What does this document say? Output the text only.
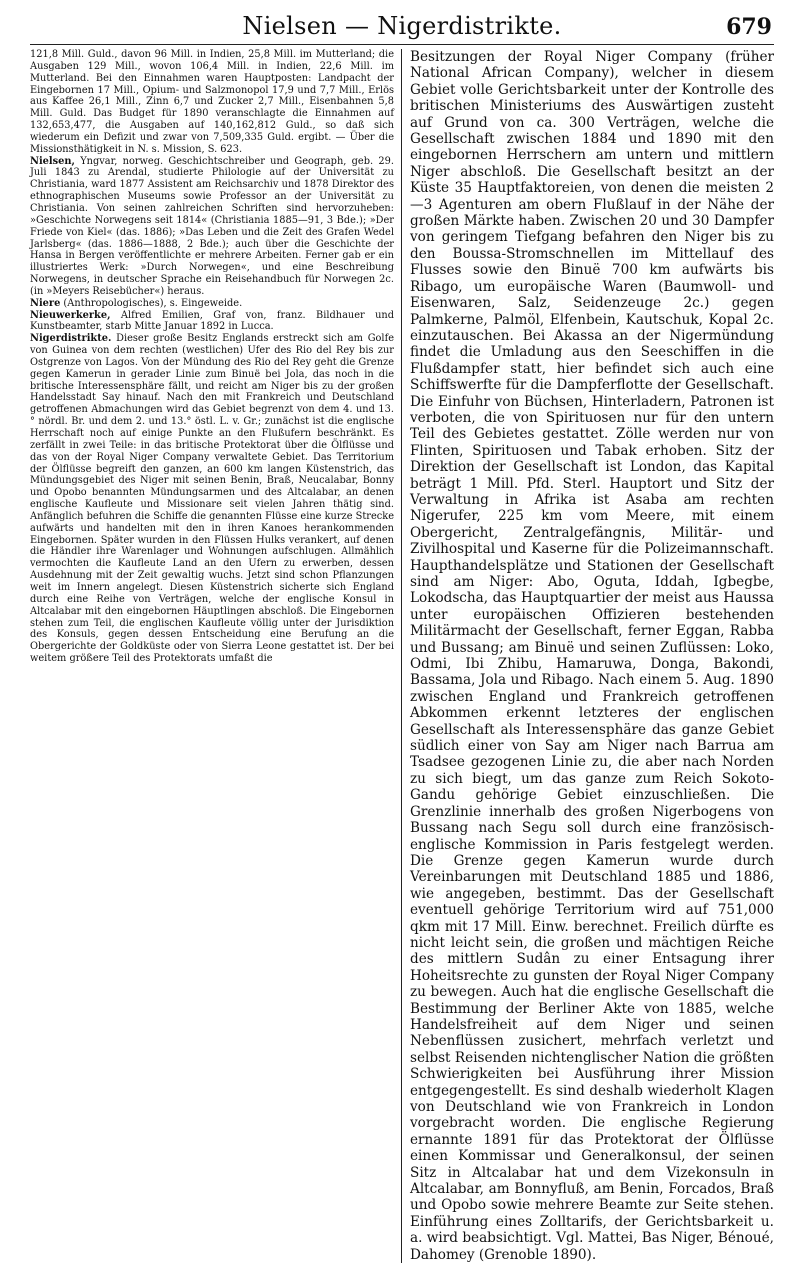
Nielsen — Nigerdistrikte.	679

121,8 Mill. Guld., davon 96 Mill. in Indien, 25,8 Mill. im Mutterland; die Ausgaben 129 Mill., wovon 106,4 Mill. in Indien, 22,6 Mill. im Mutterland. Bei den Einnahmen waren Hauptposten: Landpacht der Eingebornen 17 Mill., Opium- und Salzmonopol 17,9 und 7,7 Mill., Erlös aus Kaffee 26,1 Mill., Zinn 6,7 und Zucker 2,7 Mill., Eisenbahnen 5,8 Mill. Guld. Das Budget für 1890 veranschlagte die Einnahmen auf 132,653,477, die Ausgaben auf 140,162,812 Guld., so daß sich wiederum ein Defizit und zwar von 7,509,335 Guld. ergibt. — Über die Missionsthätigkeit in N. s. Mission, S. 623.

Nielsen, Yngvar, norweg. Geschichtschreiber und Geograph, geb. 29. Juli 1843 zu Arendal, studierte Philologie auf der Universität zu Christiania, ward 1877 Assistent am Reichsarchiv und 1878 Direktor des ethnographischen Museums sowie Professor an der Universität zu Christiania. Von seinen zahlreichen Schriften sind hervorzuheben: »Geschichte Norwegens seit 1814« (Christiania 1885—91, 3 Bde.); »Der Friede von Kiel« (das. 1886); »Das Leben und die Zeit des Grafen Wedel Jarlsberg« (das. 1886—1888, 2 Bde.); auch über die Geschichte der Hansa in Bergen veröffentlichte er mehrere Arbeiten. Ferner gab er ein illustriertes Werk: »Durch Norwegen«, und eine Beschreibung Norwegens, in deutscher Sprache ein Reisehandbuch für Norwegen 2c. (in »Meyers Reisebücher«) heraus.

Niere (Anthropologisches), s. Eingeweide.

Nieuwerkerke, Alfred Emilien, Graf von, franz. Bildhauer und Kunstbeamter, starb Mitte Januar 1892 in Lucca.

Nigerdistrikte. Dieser große Besitz Englands erstreckt sich am Golfe von Guinea von dem rechten (westlichen) Ufer des Rio del Rey bis zur Ostgrenze von Lagos. Von der Mündung des Rio del Rey geht die Grenze gegen Kamerun in gerader Linie zum Binuë bei Jola, das noch in die britische Interessensphäre fällt, und reicht am Niger bis zu der großen Handelsstadt Say hinauf. Nach den mit Frankreich und Deutschland getroffenen Abmachungen wird das Gebiet begrenzt von dem 4. und 13.° nördl. Br. und dem 2. und 13.° östl. L. v. Gr.; zunächst ist die englische Herrschaft noch auf einige Punkte an den Flußufern beschränkt. Es zerfällt in zwei Teile: in das britische Protektorat über die Ölflüsse und das von der Royal Niger Company verwaltete Gebiet. Das Territorium der Ölflüsse begreift den ganzen, an 600 km langen Küstenstrich, das Mündungsgebiet des Niger mit seinen Benin, Braß, Neucalabar, Bonny und Opobo benannten Mündungsarmen und des Altcalabar, an denen englische Kaufleute und Missionare seit vielen Jahren thätig sind. Anfänglich befuhren die Schiffe die genannten Flüsse eine kurze Strecke aufwärts und handelten mit den in ihren Kanoes herankommenden Eingebornen. Später wurden in den Flüssen Hulks verankert, auf denen die Händler ihre Warenlager und Wohnungen aufschlugen. Allmählich vermochten die Kaufleute Land an den Ufern zu erwerben, dessen Ausdehnung mit der Zeit gewaltig wuchs. Jetzt sind schon Pflanzungen weit im Innern angelegt. Diesen Küstenstrich sicherte sich England durch eine Reihe von Verträgen, welche der englische Konsul in Altcalabar mit den eingebornen Häuptlingen abschloß. Die Eingebornen stehen zum Teil, die englischen Kaufleute völlig unter der Jurisdiktion des Konsuls, gegen dessen Entscheidung eine Berufung an die Obergerichte der Goldküste oder von Sierra Leone gestattet ist. Der bei weitem größere Teil des Protektorats umfaßt die

Besitzungen der Royal Niger Company (früher National African Company), welcher in diesem Gebiet volle Gerichtsbarkeit unter der Kontrolle des britischen Ministeriums des Auswärtigen zusteht auf Grund von ca. 300 Verträgen, welche die Gesellschaft zwischen 1884 und 1890 mit den eingebornen Herrschern am untern und mittlern Niger abschloß. Die Gesellschaft besitzt an der Küste 35 Hauptfaktoreien, von denen die meisten 2—3 Agenturen am obern Flußlauf in der Nähe der großen Märkte haben. Zwischen 20 und 30 Dampfer von geringem Tiefgang befahren den Niger bis zu den Boussa-Stromschnellen im Mittellauf des Flusses sowie den Binuë 700 km aufwärts bis Ribago, um europäische Waren (Baumwoll- und Eisenwaren, Salz, Seidenzeuge 2c.) gegen Palmkerne, Palmöl, Elfenbein, Kautschuk, Kopal 2c. einzutauschen. Bei Akassa an der Nigermündung findet die Umladung aus den Seeschiffen in die Flußdampfer statt, hier befindet sich auch eine Schiffswerfte für die Dampferflotte der Gesellschaft. Die Einfuhr von Büchsen, Hinterladern, Patronen ist verboten, die von Spirituosen nur für den untern Teil des Gebietes gestattet. Zölle werden nur von Flinten, Spirituosen und Tabak erhoben. Sitz der Direktion der Gesellschaft ist London, das Kapital beträgt 1 Mill. Pfd. Sterl. Hauptort und Sitz der Verwaltung in Afrika ist Asaba am rechten Nigerufer, 225 km vom Meere, mit einem Obergericht, Zentralgefängnis, Militär- und Zivilhospital und Kaserne für die Polizeimannschaft. Haupthandelsplätze und Stationen der Gesellschaft sind am Niger: Abo, Oguta, Iddah, Igbegbe, Lokodscha, das Hauptquartier der meist aus Haussa unter europäischen Offizieren bestehenden Militärmacht der Gesellschaft, ferner Eggan, Rabba und Bussang; am Binuë und seinen Zuflüssen: Loko, Odmi, Ibi Zhibu, Hamaruwa, Donga, Bakondi, Bassama, Jola und Ribago. Nach einem 5. Aug. 1890 zwischen England und Frankreich getroffenen Abkommen erkennt letzteres der englischen Gesellschaft als Interessensphäre das ganze Gebiet südlich einer von Say am Niger nach Barrua am Tsadsee gezogenen Linie zu, die aber nach Norden zu sich biegt, um das ganze zum Reich Sokoto-Gandu gehörige Gebiet einzuschließen. Die Grenzlinie innerhalb des großen Nigerbogens von Bussang nach Segu soll durch eine französisch-englische Kommission in Paris festgelegt werden. Die Grenze gegen Kamerun wurde durch Vereinbarungen mit Deutschland 1885 und 1886, wie angegeben, bestimmt. Das der Gesellschaft eventuell gehörige Territorium wird auf 751,000 qkm mit 17 Mill. Einw. berechnet. Freilich dürfte es nicht leicht sein, die großen und mächtigen Reiche des mittlern Sudân zu einer Entsagung ihrer Hoheitsrechte zu gunsten der Royal Niger Company zu bewegen. Auch hat die englische Gesellschaft die Bestimmung der Berliner Akte von 1885, welche Handelsfreiheit auf dem Niger und seinen Nebenflüssen zusichert, mehrfach verletzt und selbst Reisenden nichtenglischer Nation die größten Schwierigkeiten bei Ausführung ihrer Mission entgegengestellt. Es sind deshalb wiederholt Klagen von Deutschland wie von Frankreich in London vorgebracht worden. Die englische Regierung ernannte 1891 für das Protektorat der Ölflüsse einen Kommissar und Generalkonsul, der seinen Sitz in Altcalabar hat und dem Vizekonsuln in Altcalabar, am Bonnyfluß, am Benin, Forcados, Braß und Opobo sowie mehrere Beamte zur Seite stehen. Einführung eines Zolltarifs, der Gerichtsbarkeit u. a. wird beabsichtigt. Vgl. Mattei, Bas Niger, Bénoué, Dahomey (Grenoble 1890).
